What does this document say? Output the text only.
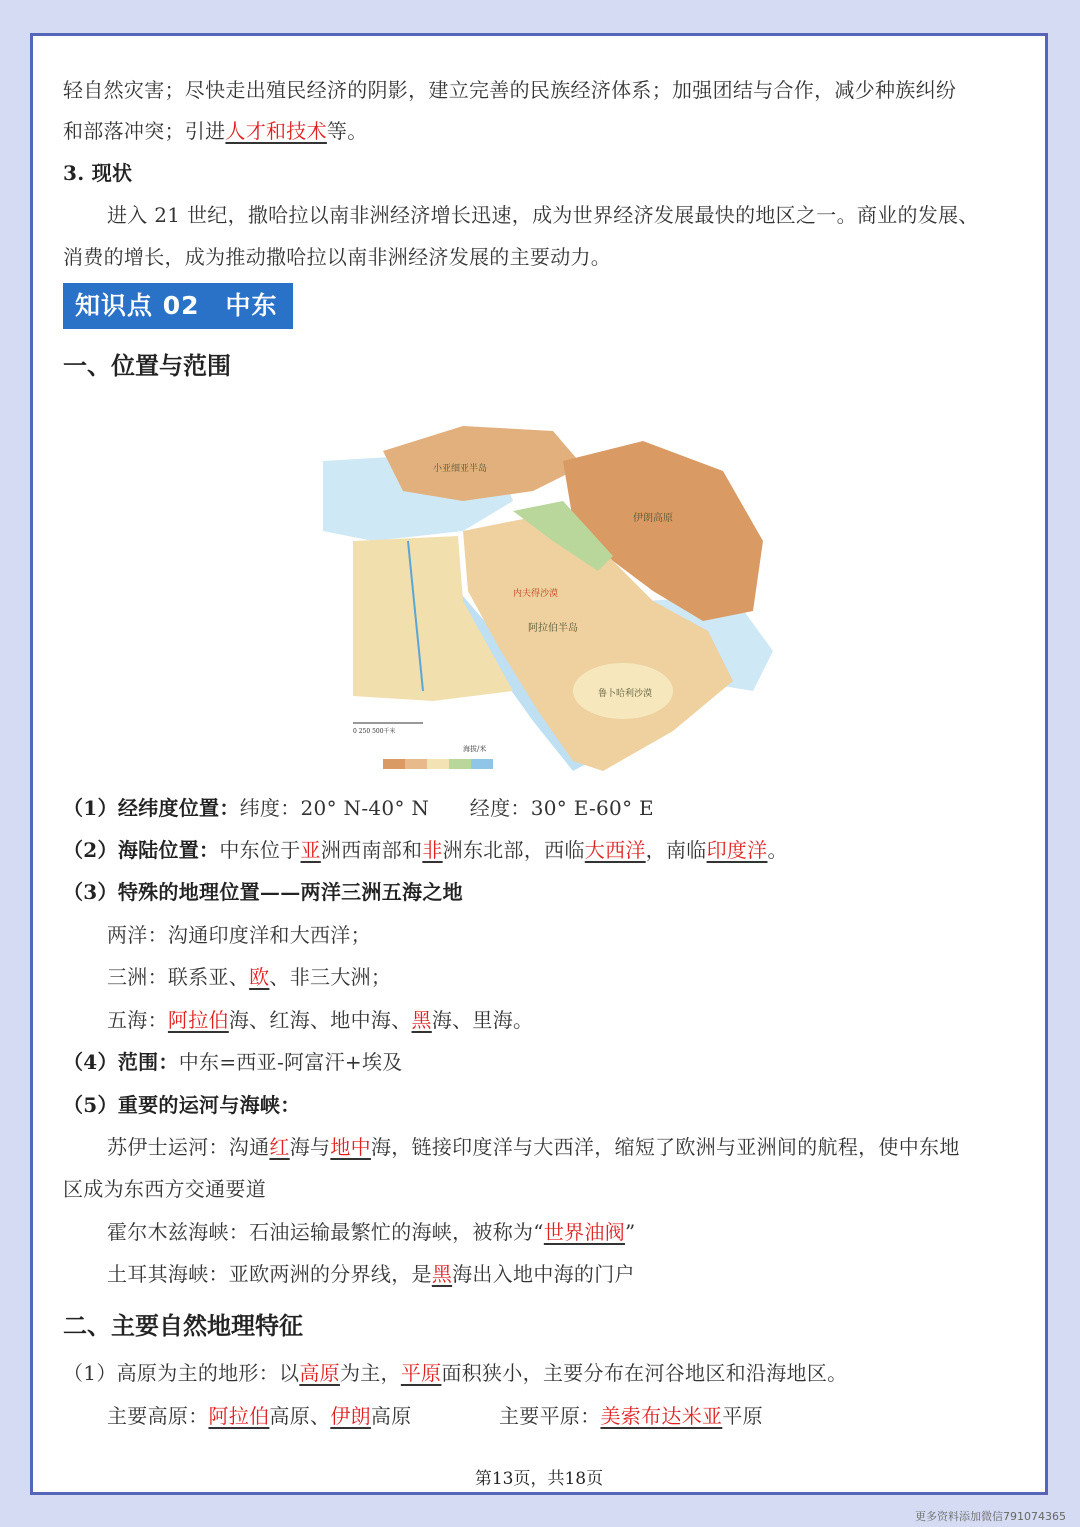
轻自然灾害；尽快走出殖民经济的阴影，建立完善的民族经济体系；加强团结与合作，减少种族纠纷
和部落冲突；引进人才和技术等。
3. 现状
进入 21 世纪，撒哈拉以南非洲经济增长迅速，成为世界经济发展最快的地区之一。商业的发展、
消费的增长，成为推动撒哈拉以南非洲经济发展的主要动力。
知识点 02　中东
一、位置与范围
小亚细亚半岛
伊朗高原
阿拉伯半岛
鲁卜哈利沙漠
内夫得沙漠
0 250 500千米
海拔/米
（1）经纬度位置：纬度：20° N-40° N　　经度：30° E-60° E
（2）海陆位置：中东位于亚洲西南部和非洲东北部，西临大西洋，南临印度洋。
（3）特殊的地理位置——两洋三洲五海之地
两洋：沟通印度洋和大西洋；
三洲：联系亚、欧、非三大洲；
五海：阿拉伯海、红海、地中海、黑海、里海。
（4）范围：中东=西亚-阿富汗+埃及
（5）重要的运河与海峡：
苏伊士运河：沟通红海与地中海，链接印度洋与大西洋，缩短了欧洲与亚洲间的航程，使中东地
区成为东西方交通要道
霍尔木兹海峡：石油运输最繁忙的海峡，被称为“世界油阀”
土耳其海峡：亚欧两洲的分界线，是黑海出入地中海的门户
二、主要自然地理特征
（1）高原为主的地形：以高原为主，平原面积狭小，主要分布在河谷地区和沿海地区。
主要高原：阿拉伯高原、伊朗高原	主要平原：美索布达米亚平原
第13页，共18页
更多资料添加微信791074365
